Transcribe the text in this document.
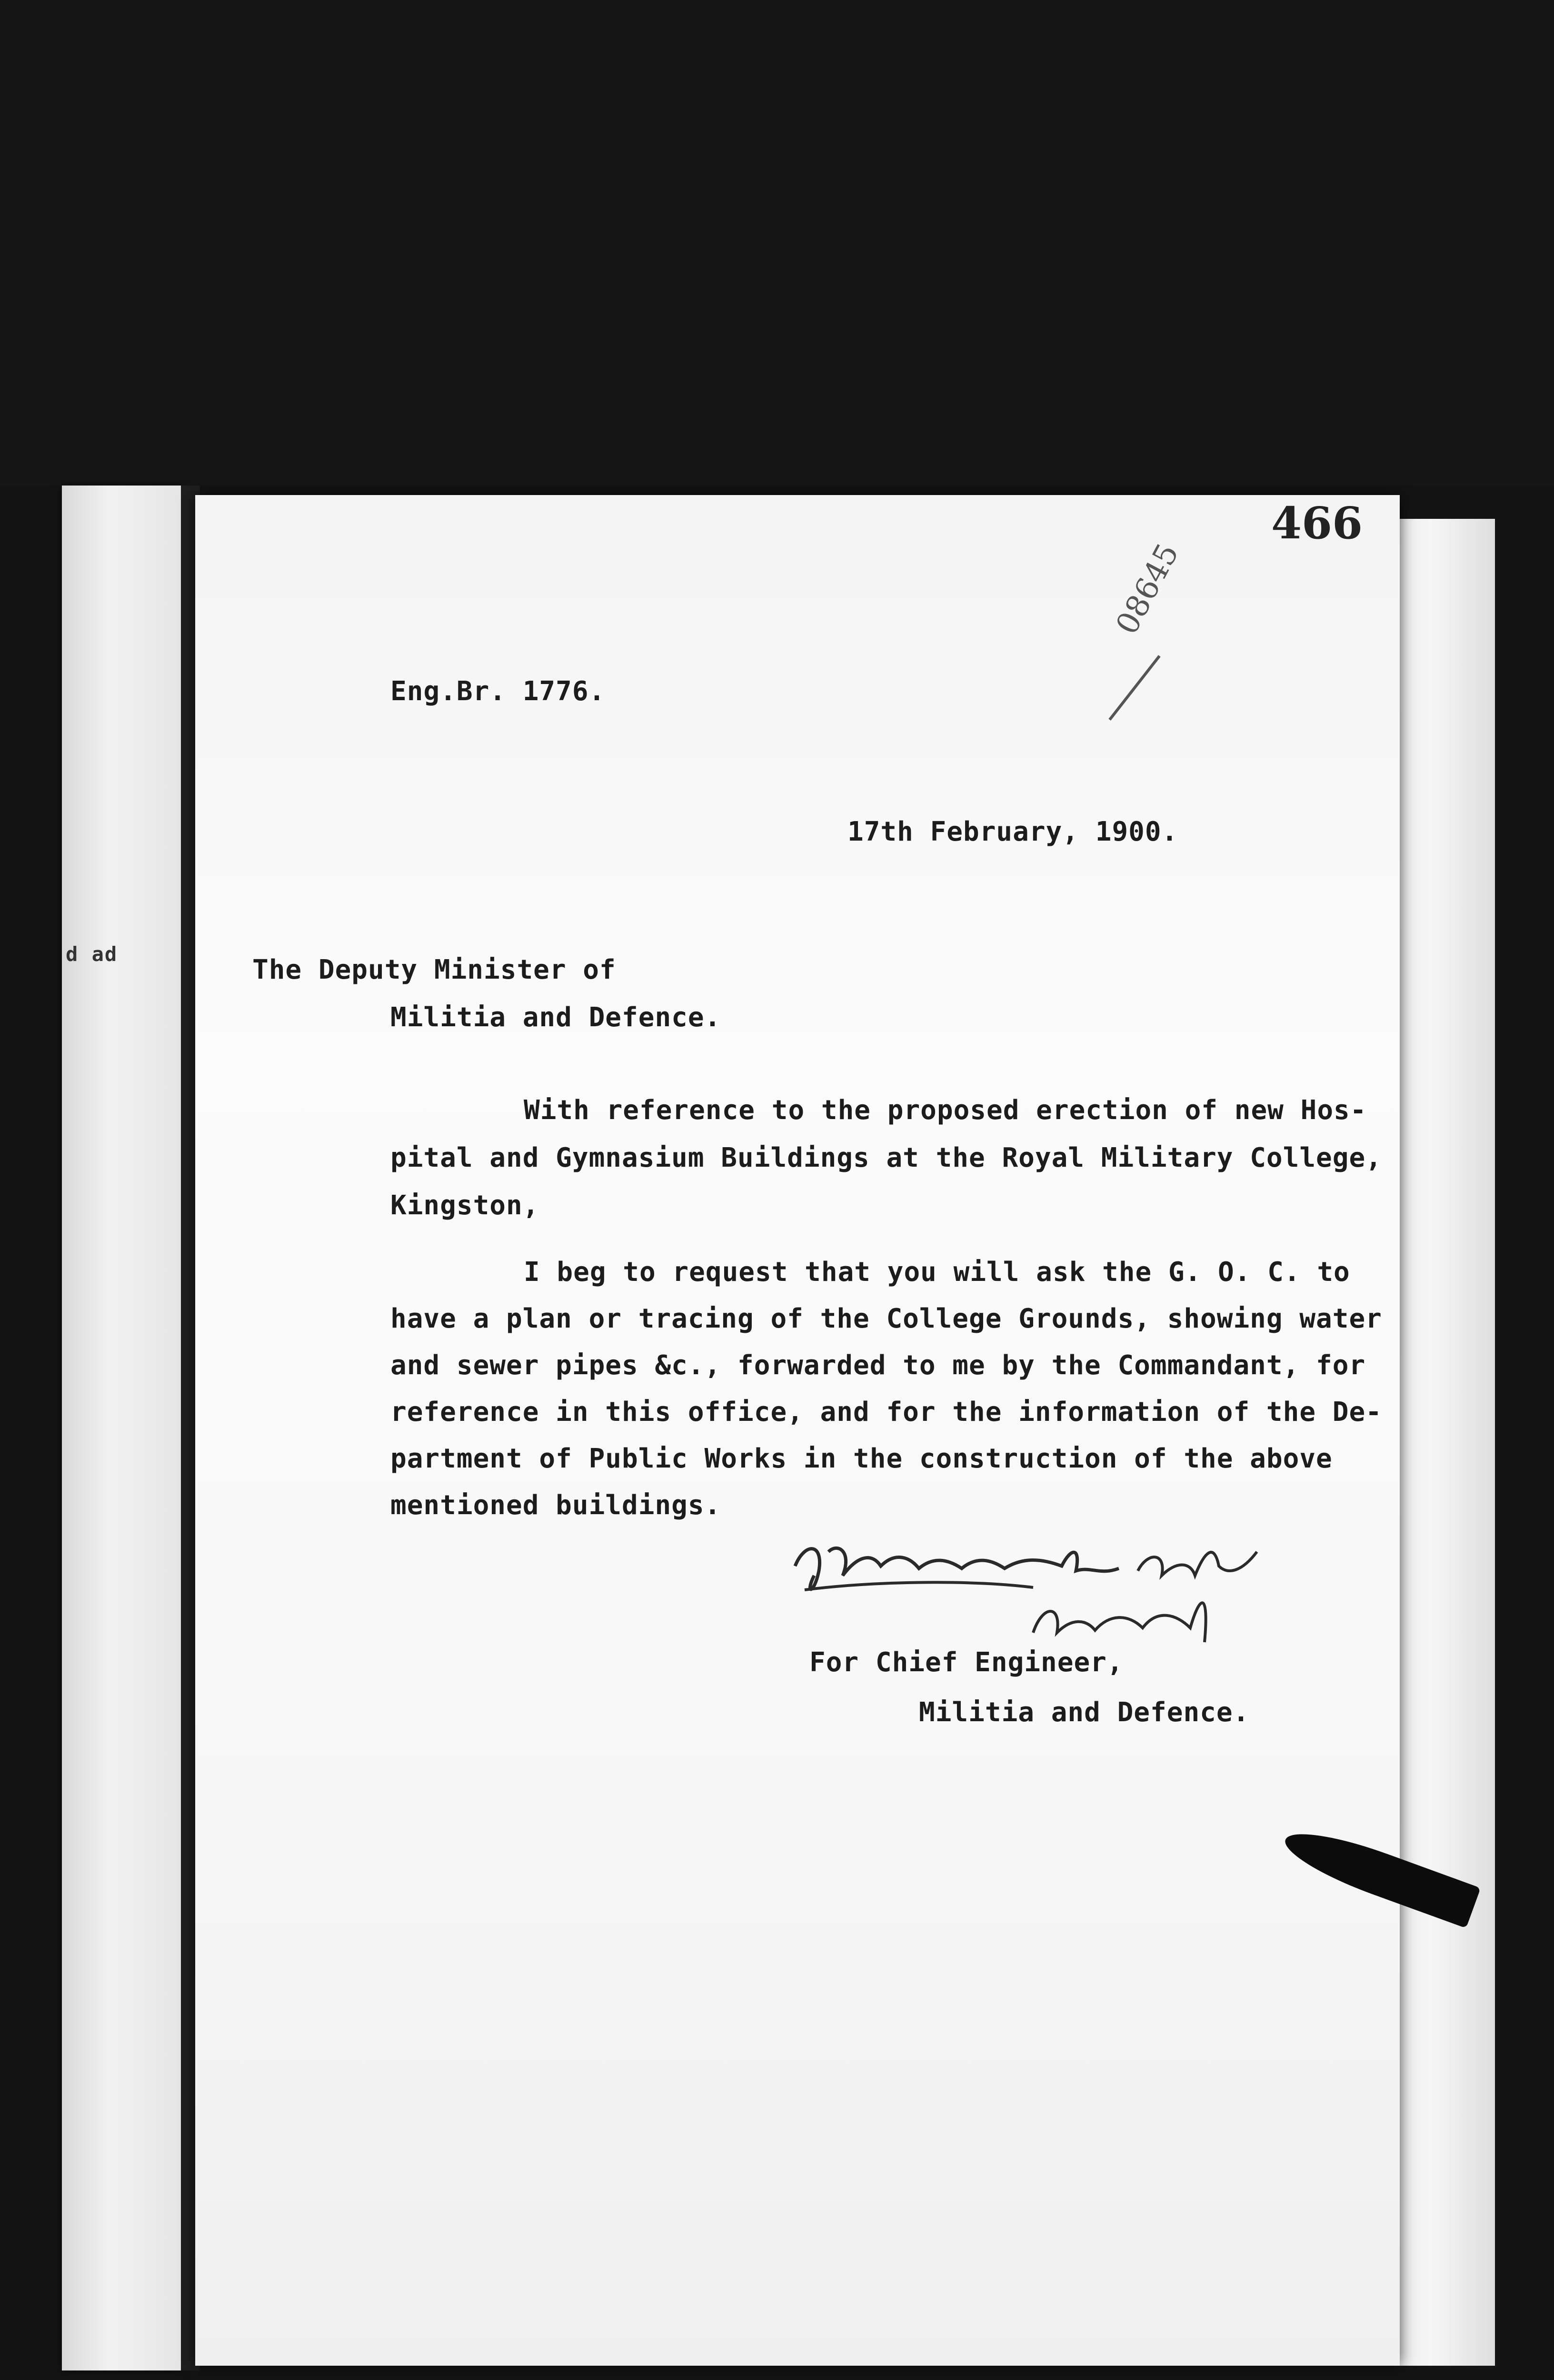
d ad
466
08645
Eng.Br. 1776.
17th February, 1900.
The Deputy Minister of
Militia and Defence.
With reference to the proposed erection of new Hos-
pital and Gymnasium Buildings at the Royal Military College,
Kingston,
I beg to request that you will ask the G. O. C. to
have a plan or tracing of the College Grounds, showing water
and sewer pipes &c., forwarded to me by the Commandant, for
reference in this office, and for the information of the De-
partment of Public Works in the construction of the above
mentioned buildings.
For Chief Engineer,
Militia and Defence.
